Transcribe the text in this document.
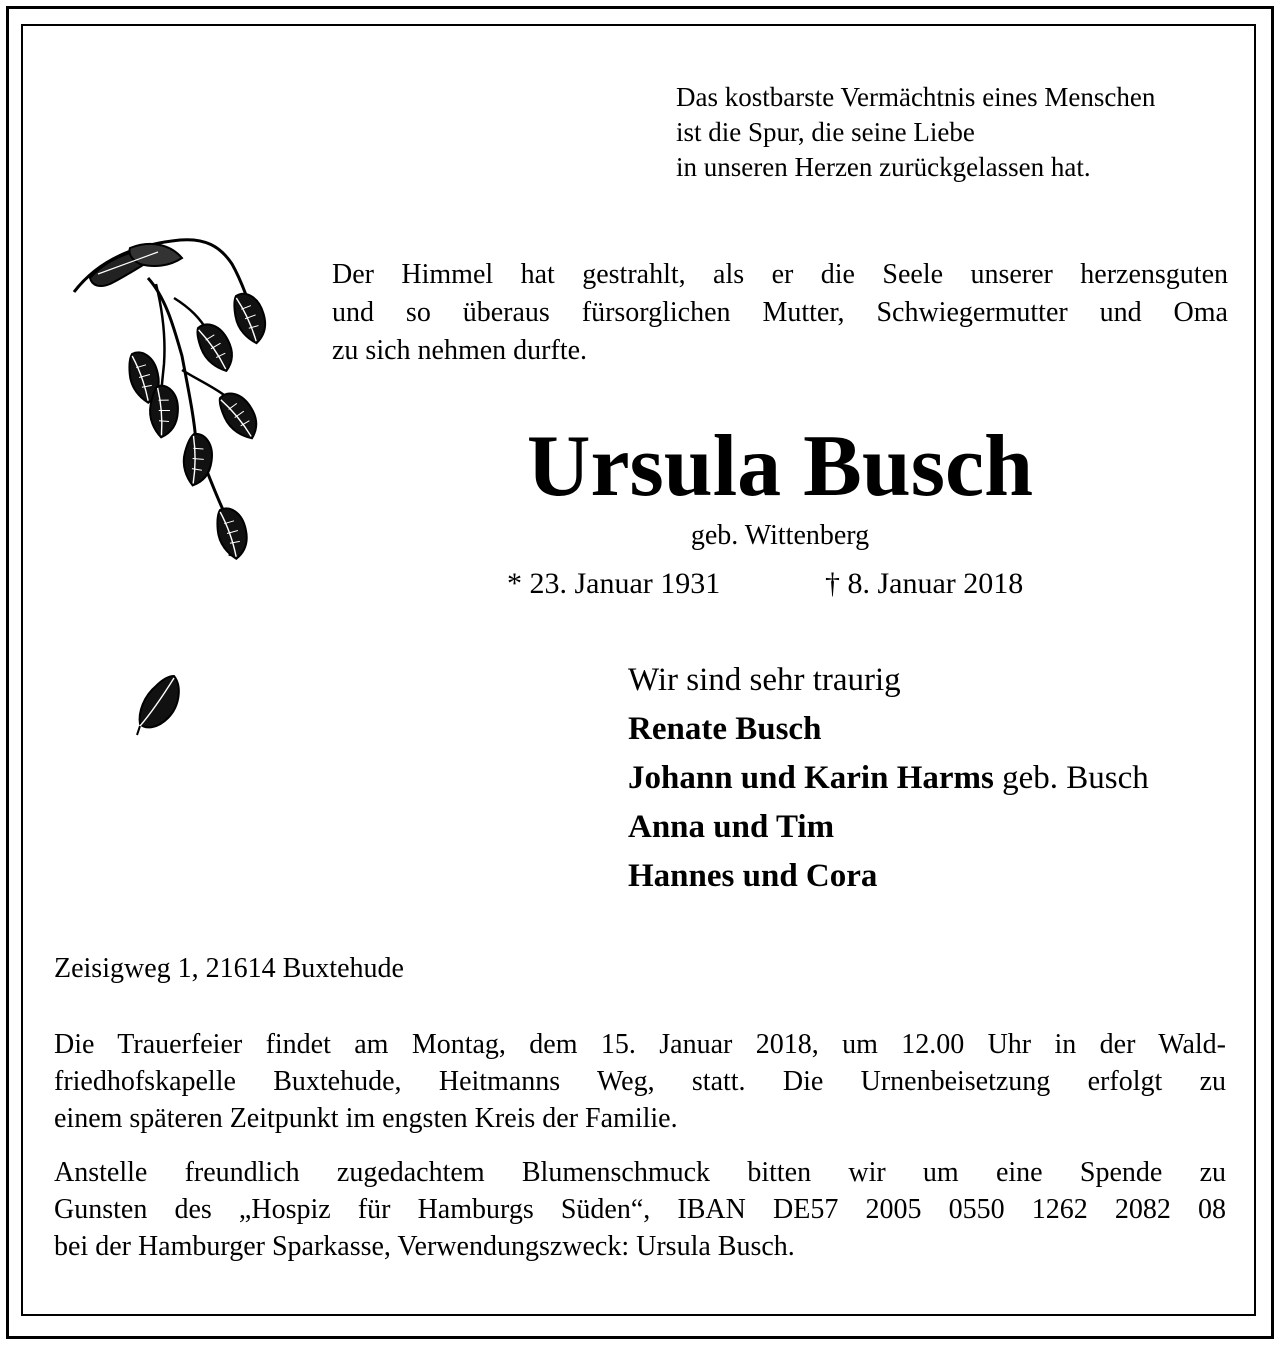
Das kostbarste Vermächtnis eines Menschen
ist die Spur, die seine Liebe
in unseren Herzen zurückgelassen hat.
Der Himmel hat gestrahlt, als er die Seele unserer herzensguten
und so überaus fürsorglichen Mutter, Schwiegermutter und Oma
zu sich nehmen durfte.
Ursula Busch
geb. Wittenberg
* 23. Januar 1931	† 8. Januar 2018
Wir sind sehr traurig
Renate Busch
Johann und Karin Harms geb. Busch
Anna und Tim
Hannes und Cora
Zeisigweg 1, 21614 Buxtehude
Die Trauerfeier findet am Montag, dem 15. Januar 2018, um 12.00 Uhr in der Wald-
friedhofskapelle Buxtehude, Heitmanns Weg, statt. Die Urnenbeisetzung erfolgt zu
einem späteren Zeitpunkt im engsten Kreis der Familie.
Anstelle freundlich zugedachtem Blumenschmuck bitten wir um eine Spende zu
Gunsten des „Hospiz für Hamburgs Süden“, IBAN DE57 2005 0550 1262 2082 08
bei der Hamburger Sparkasse, Verwendungszweck: Ursula Busch.
